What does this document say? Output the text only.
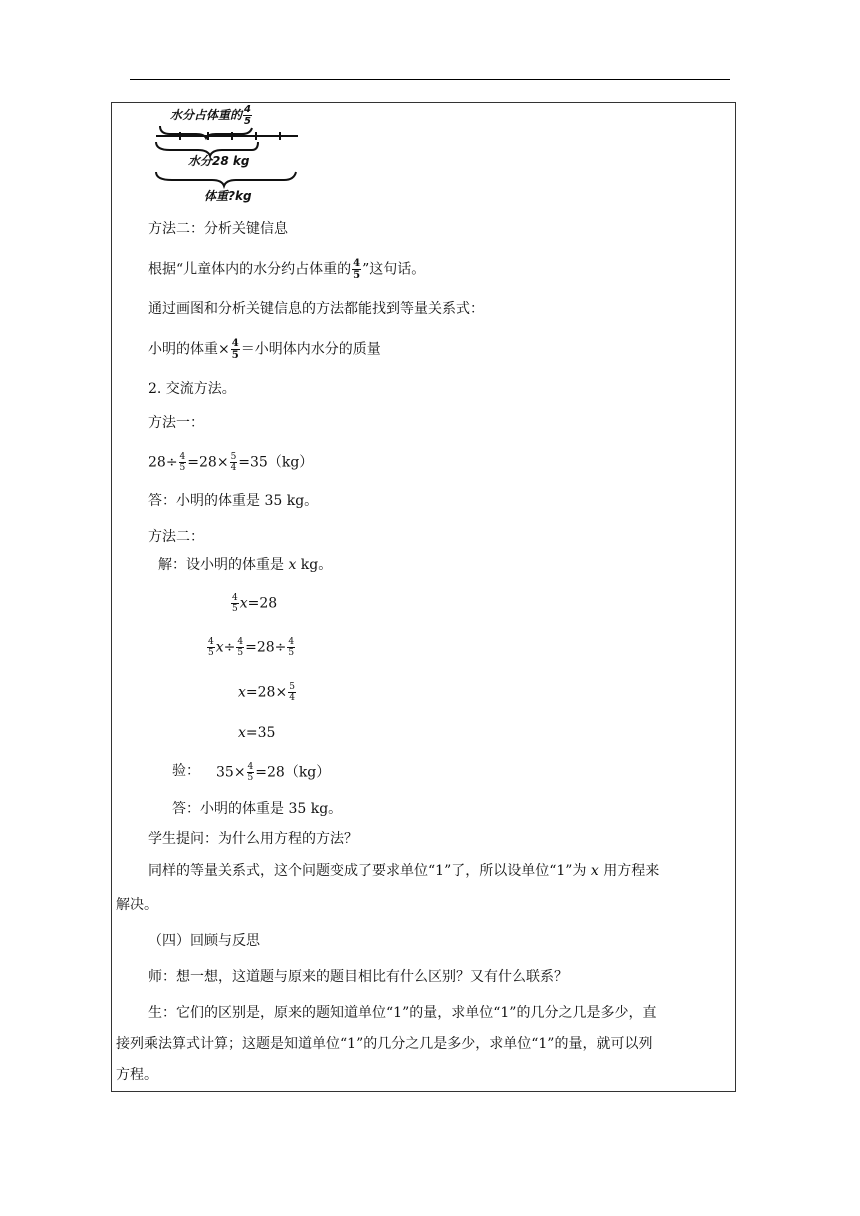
水分占体重的 $\frac{4}{5}$
水分28 kg
体重?kg
方法二：分析关键信息
根据“儿童体内的水分约占体重的 $\frac{4}{5}$ ”这句话。
通过画图和分析关键信息的方法都能找到等量关系式：
小明的体重× $\frac{4}{5}$ ＝小明体内水分的质量
2. 交流方法。
方法一：
$28\div \frac{4}{5} =28\times \frac{5}{4} =35(kg)$
答：小明的体重是 35 kg。
方法二：
解：设小明的体重是 x kg。
$\frac{4}{5} x=28$
$\frac{4}{5} x\div \frac{4}{5} =28\div \frac{4}{5}$
$x=28\times \frac{5}{4}$
x=35
验： $35\times \frac{4}{5} =28(kg)$
答：小明的体重是 35 kg。
学生提问：为什么用方程的方法？
同样的等量关系式，这个问题变成了要求单位“1”了，所以设单位“1”为 x 用方程来
解决。
（四）回顾与反思
师：想一想，这道题与原来的题目相比有什么区别？又有什么联系？
生：它们的区别是，原来的题知道单位“1”的量，求单位“1”的几分之几是多少，直
接列乘法算式计算；这题是知道单位“1”的几分之几是多少，求单位“1”的量，就可以列
方程。
